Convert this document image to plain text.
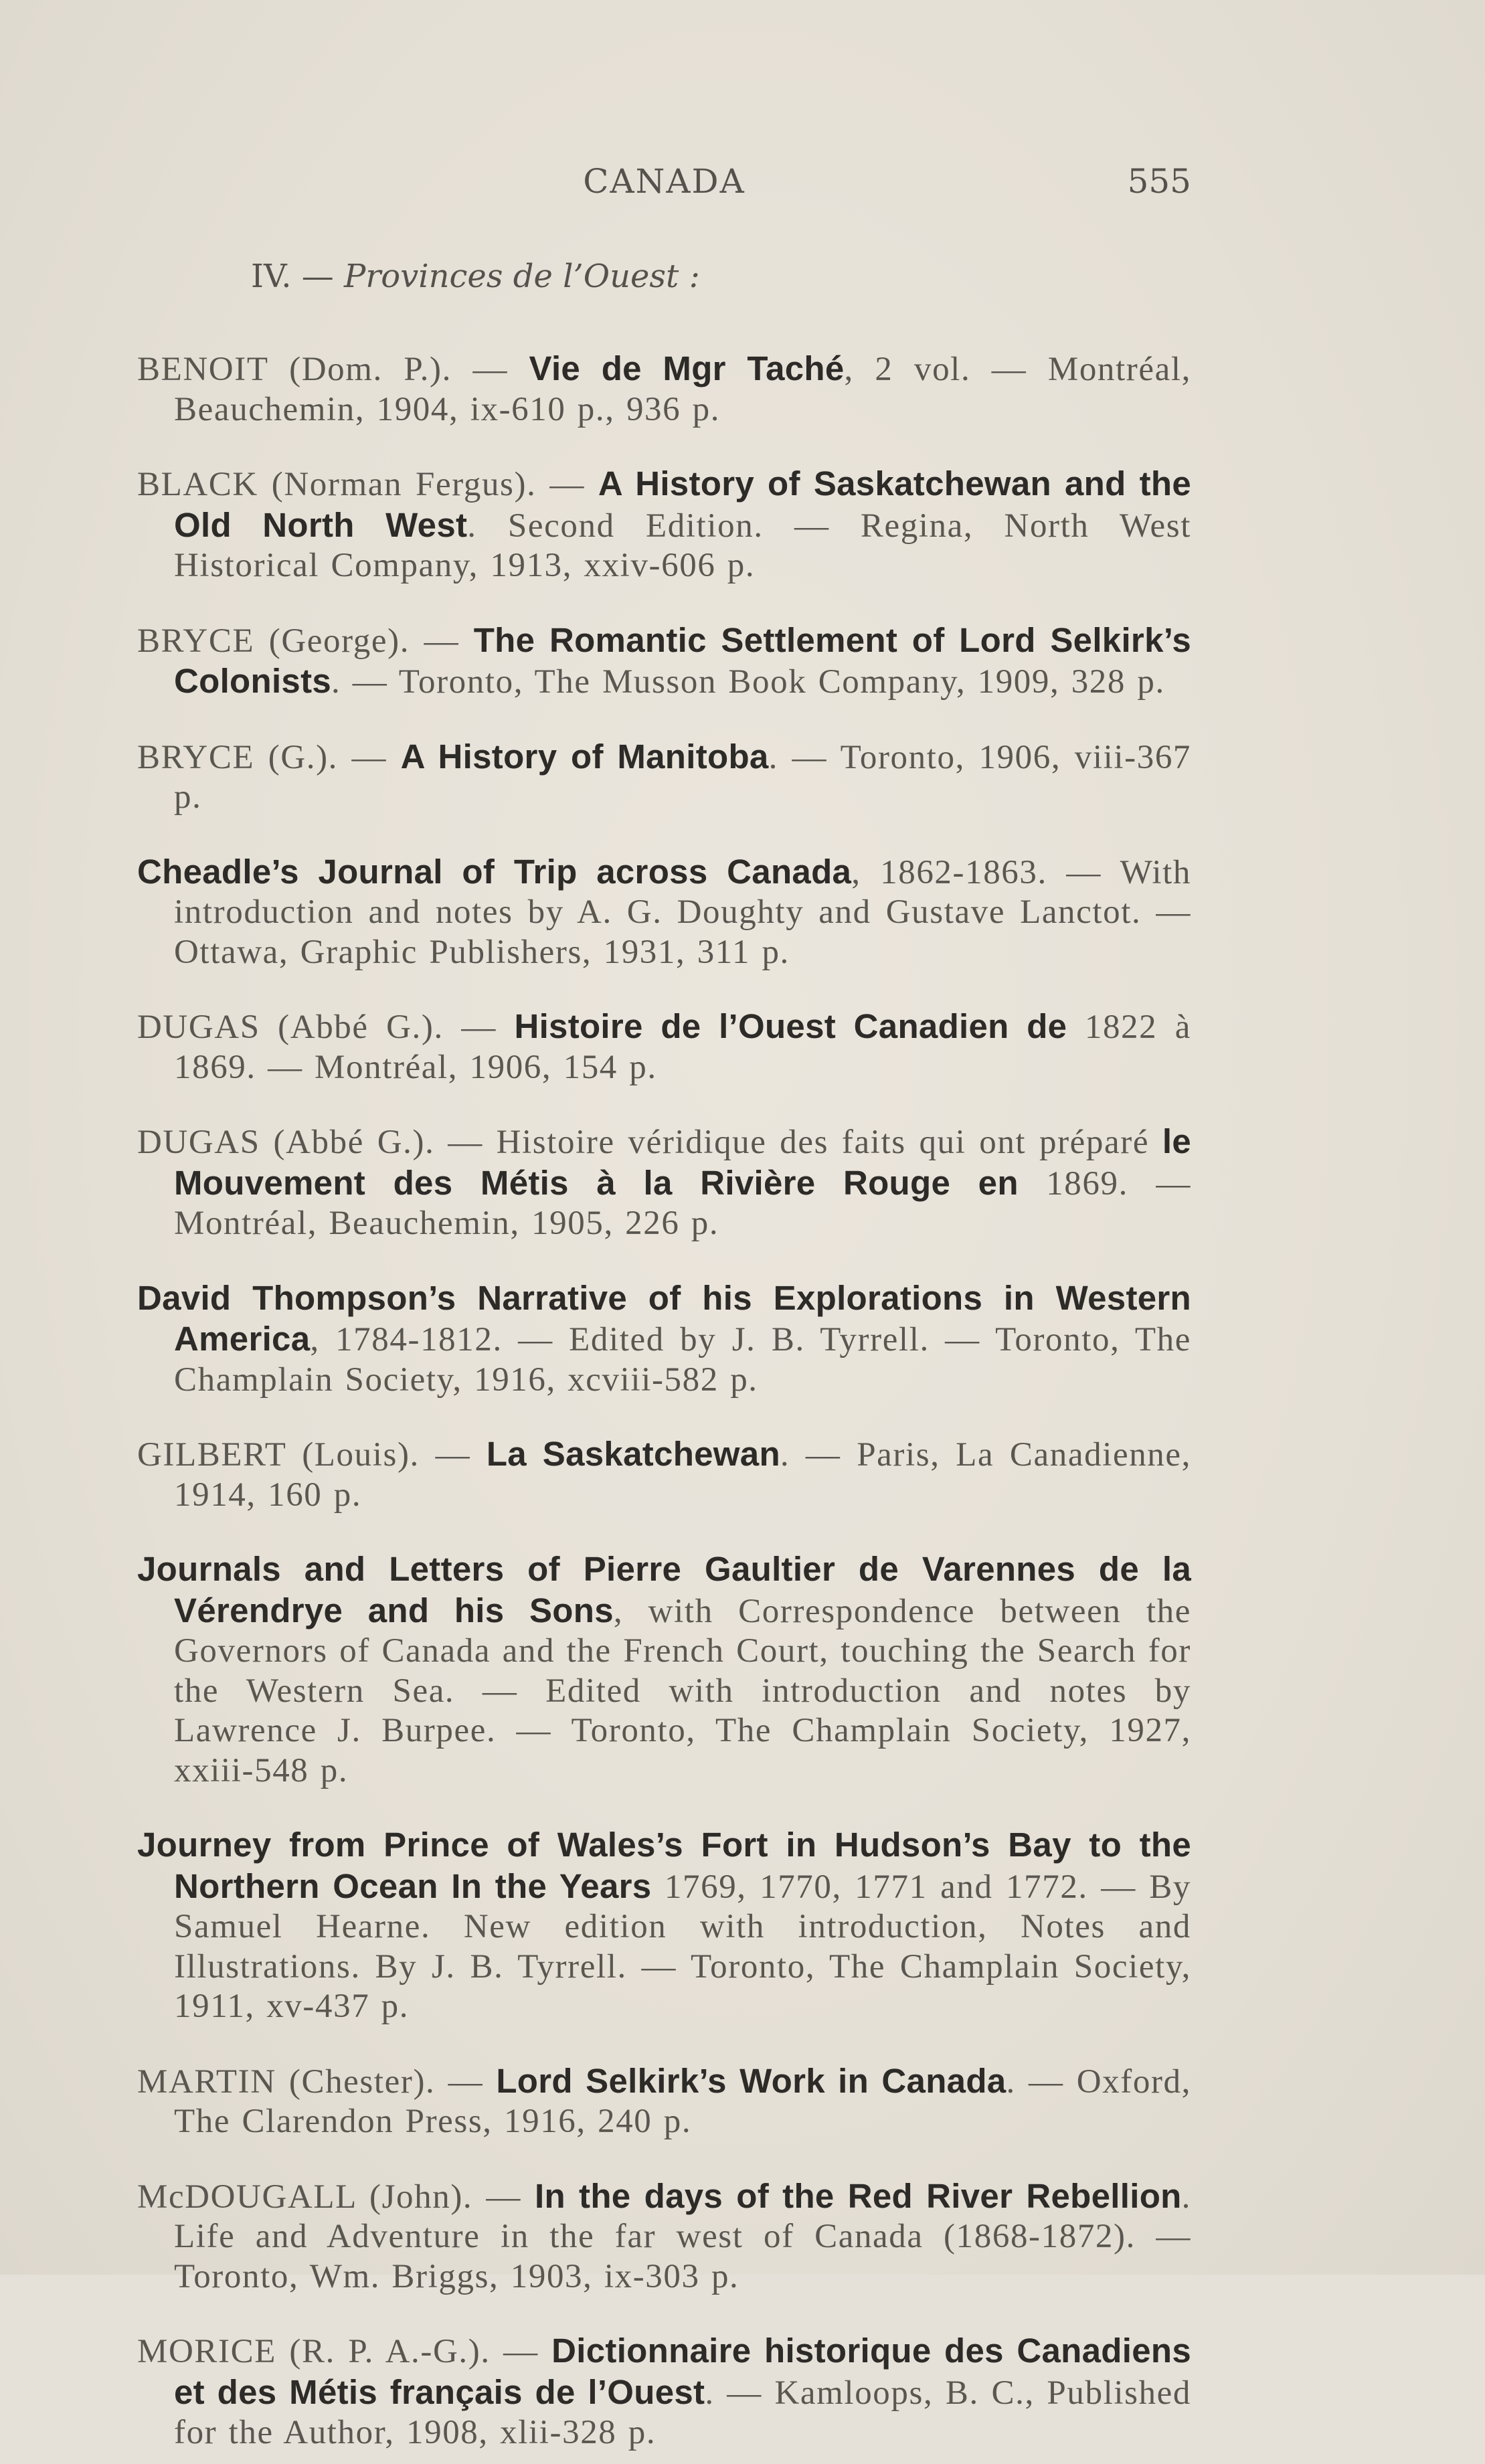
CANADA	555
IV. — Provinces de l’Ouest :

BENOIT (Dom. P.). — Vie de Mgr Taché, 2 vol. — Montréal, Beauchemin, 1904, ix-610 p., 936 p.

BLACK (Norman Fergus). — A History of Saskatchewan and the Old North West. Second Edition. — Regina, North West Historical Company, 1913, xxiv-606 p.

BRYCE (George). — The Romantic Settlement of Lord Selkirk’s Colonists. — Toronto, The Musson Book Company, 1909, 328 p.

BRYCE (G.). — A History of Manitoba. — Toronto, 1906, viii-367 p.

Cheadle’s Journal of Trip across Canada, 1862-1863. — With introduction and notes by A. G. Doughty and Gustave Lanctot. — Ottawa, Graphic Publishers, 1931, 311 p.

DUGAS (Abbé G.). — Histoire de l’Ouest Canadien de 1822 à 1869. — Montréal, 1906, 154 p.

DUGAS (Abbé G.). — Histoire véridique des faits qui ont préparé le Mouvement des Métis à la Rivière Rouge en 1869. — Montréal, Beauchemin, 1905, 226 p.

David Thompson’s Narrative of his Explorations in Western America, 1784-1812. — Edited by J. B. Tyrrell. — Toronto, The Champlain Society, 1916, xcviii-582 p.

GILBERT (Louis). — La Saskatchewan. — Paris, La Canadienne, 1914, 160 p.

Journals and Letters of Pierre Gaultier de Varennes de la Vérendrye and his Sons, with Correspondence between the Governors of Canada and the French Court, touching the Search for the Western Sea. — Edited with introduction and notes by Lawrence J. Burpee. — Toronto, The Champlain Society, 1927, xxiii-548 p.

Journey from Prince of Wales’s Fort in Hudson’s Bay to the Northern Ocean In the Years 1769, 1770, 1771 and 1772. — By Samuel Hearne. New edition with introduction, Notes and Illustrations. By J. B. Tyrrell. — Toronto, The Champlain Society, 1911, xv-437 p.

MARTIN (Chester). — Lord Selkirk’s Work in Canada. — Oxford, The Clarendon Press, 1916, 240 p.

McDOUGALL (John). — In the days of the Red River Rebellion. Life and Adventure in the far west of Canada (1868-1872). — Toronto, Wm. Briggs, 1903, ix-303 p.

MORICE (R. P. A.-G.). — Dictionnaire historique des Canadiens et des Métis français de l’Ouest. — Kamloops, B. C., Published for the Author, 1908, xlii-328 p.
